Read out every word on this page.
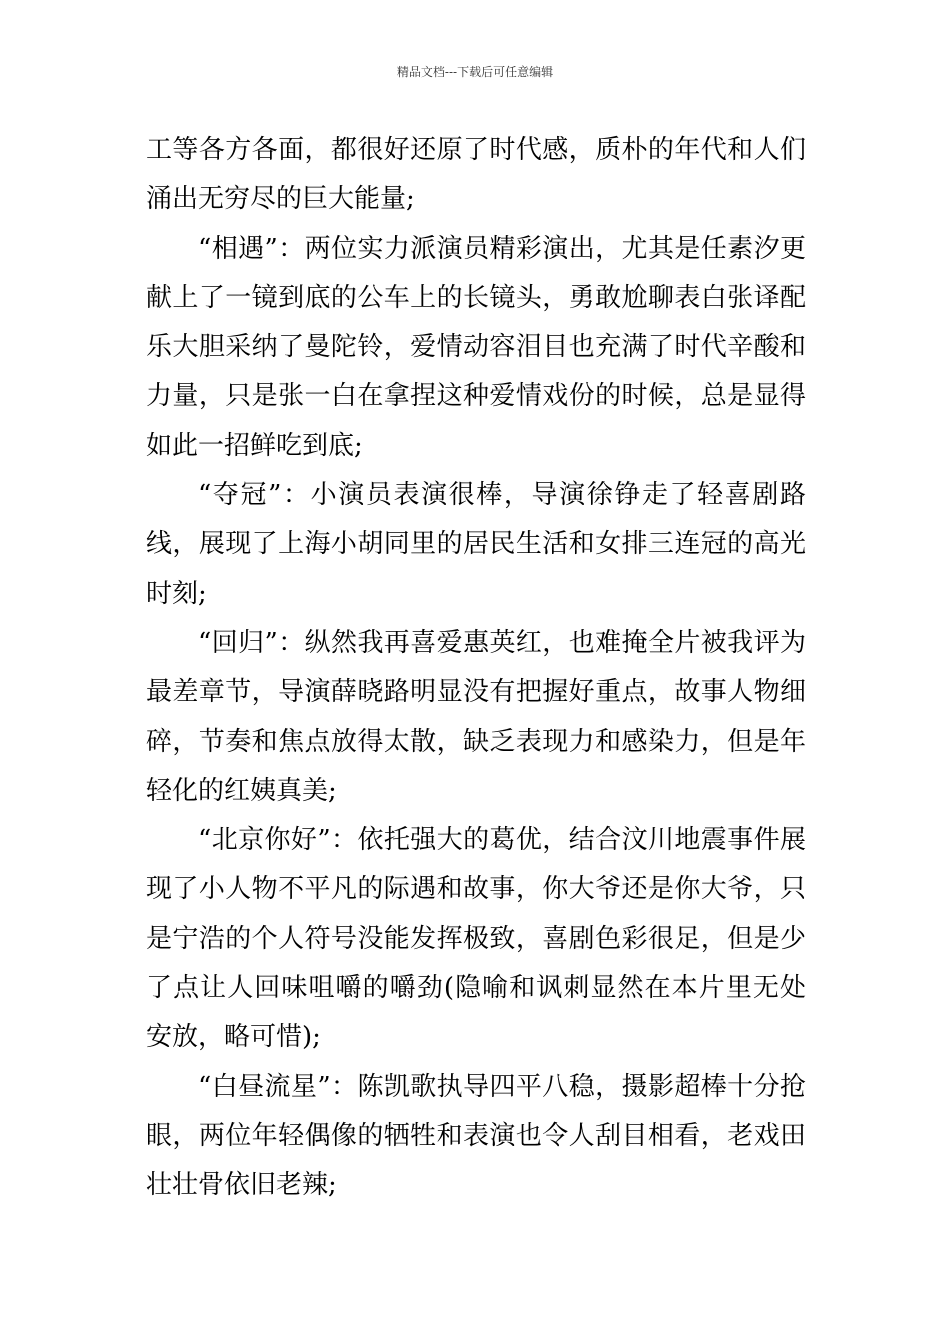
精品文档---下载后可任意编辑

工等各方各面，都很好还原了时代感，质朴的年代和人们涌出无穷尽的巨大能量;

“相遇”：两位实力派演员精彩演出，尤其是任素汐更献上了一镜到底的公车上的长镜头，勇敢尬聊表白张译配乐大胆采纳了曼陀铃，爱情动容泪目也充满了时代辛酸和力量，只是张一白在拿捏这种爱情戏份的时候，总是显得如此一招鲜吃到底;

“夺冠”：小演员表演很棒，导演徐铮走了轻喜剧路线，展现了上海小胡同里的居民生活和女排三连冠的高光时刻;

“回归”：纵然我再喜爱惠英红，也难掩全片被我评为最差章节，导演薛晓路明显没有把握好重点，故事人物细碎，节奏和焦点放得太散，缺乏表现力和感染力，但是年轻化的红姨真美;

“北京你好”：依托强大的葛优，结合汶川地震事件展现了小人物不平凡的际遇和故事，你大爷还是你大爷，只是宁浩的个人符号没能发挥极致，喜剧色彩很足，但是少了点让人回味咀嚼的嚼劲(隐喻和讽刺显然在本片里无处安放，略可惜);

“白昼流星”：陈凯歌执导四平八稳，摄影超棒十分抢眼，两位年轻偶像的牺牲和表演也令人刮目相看，老戏田壮壮骨依旧老辣;
